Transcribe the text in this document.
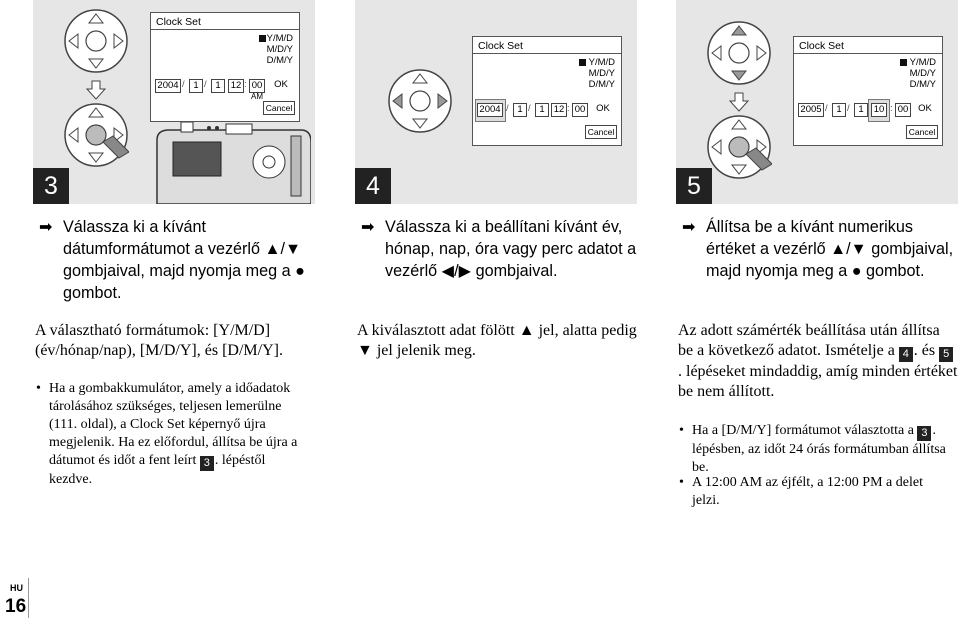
Clock Set
Y/M/D
M/D/Y
D/M/Y
2004 / 1 / 1	12 : 00	OK
AM
Cancel
3
➡ Válassza ki a kívánt dátumformátumot a vezérlő ▲/▼ gombjaival, majd nyomja meg a ● gombot.
A választható formátumok: [Y/M/D] (év/hónap/nap), [M/D/Y], és [D/M/Y].
• Ha a gombakkumulátor, amely a időadatok tárolásához szükséges, teljesen lemerülne (111. oldal), a Clock Set képernyő újra megjelenik. Ha ez előfordul, állítsa be újra a dátumot és időt a fent leírt 3 . lépéstől kezdve.
Clock Set
Y/M/D
M/D/Y
D/M/Y
2004 / 1 / 1 12 : 00	OK
Cancel
4
➡ Válassza ki a beállítani kívánt év, hónap, nap, óra vagy perc adatot a vezérlő ◀/▶ gombjaival.
A kiválasztott adat fölött ▲ jel, alatta pedig ▼ jel jelenik meg.
Clock Set
Y/M/D
M/D/Y
D/M/Y
2005 / 1 / 1	10 : 00	OK
Cancel
5
➡ Állítsa be a kívánt numerikus értéket a vezérlő ▲/▼ gombjaival, majd nyomja meg a ● gombot.
Az adott számérték beállítása után állítsa be a következő adatot. Ismételje a 4 . és 5. lépéseket mindaddig, amíg minden értéket be nem állított.
• Ha a [D/M/Y] formátumot választotta a 3 . lépésben, az időt 24 órás formátumban állítsa be.
• A 12:00 AM az éjfélt, a 12:00 PM a delet jelzi.
HU
16
